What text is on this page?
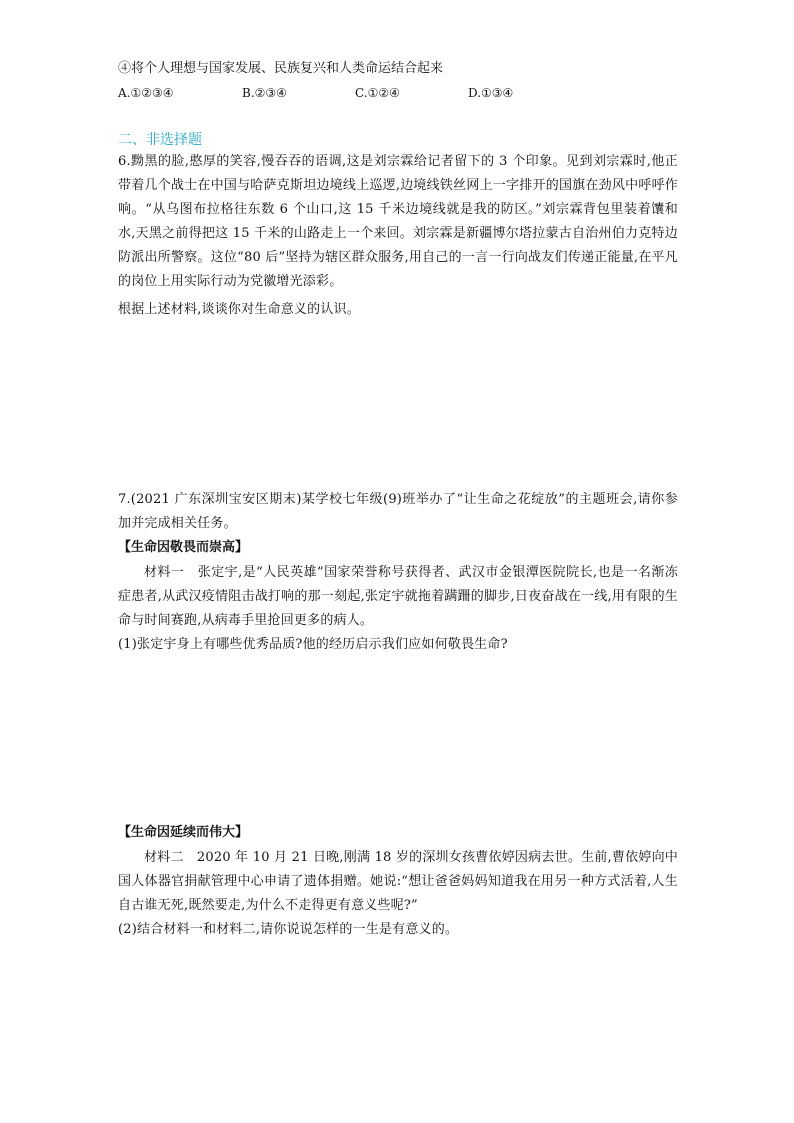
④将个人理想与国家发展、民族复兴和人类命运结合起来
A.①②③④	B.②③④	C.①②④	D.①③④
二、非选择题
6.黝黑的脸,憨厚的笑容,慢吞吞的语调,这是刘宗霖给记者留下的 3 个印象。见到刘宗霖时,他正带着几个战士在中国与哈萨克斯坦边境线上巡逻,边境线铁丝网上一字排开的国旗在劲风中呼呼作响。“从乌图布拉格往东数 6 个山口,这 15 千米边境线就是我的防区。”刘宗霖背包里装着馕和水,天黑之前得把这 15 千米的山路走上一个来回。刘宗霖是新疆博尔塔拉蒙古自治州伯力克特边防派出所警察。这位“80 后”坚持为辖区群众服务,用自己的一言一行向战友们传递正能量,在平凡的岗位上用实际行动为党徽增光添彩。
根据上述材料,谈谈你对生命意义的认识。
7.(2021 广东深圳宝安区期末)某学校七年级(9)班举办了“让生命之花绽放”的主题班会,请你参加并完成相关任务。
【生命因敬畏而崇高】
材料一　张定宇,是“人民英雄”国家荣誉称号获得者、武汉市金银潭医院院长,也是一名渐冻症患者,从武汉疫情阻击战打响的那一刻起,张定宇就拖着蹒跚的脚步,日夜奋战在一线,用有限的生命与时间赛跑,从病毒手里抢回更多的病人。
(1)张定宇身上有哪些优秀品质?他的经历启示我们应如何敬畏生命?
【生命因延续而伟大】
材料二　2020 年 10 月 21 日晚,刚满 18 岁的深圳女孩曹依婷因病去世。生前,曹依婷向中国人体器官捐献管理中心申请了遗体捐赠。她说:“想让爸爸妈妈知道我在用另一种方式活着,人生自古谁无死,既然要走,为什么不走得更有意义些呢?”
(2)结合材料一和材料二,请你说说怎样的一生是有意义的。
